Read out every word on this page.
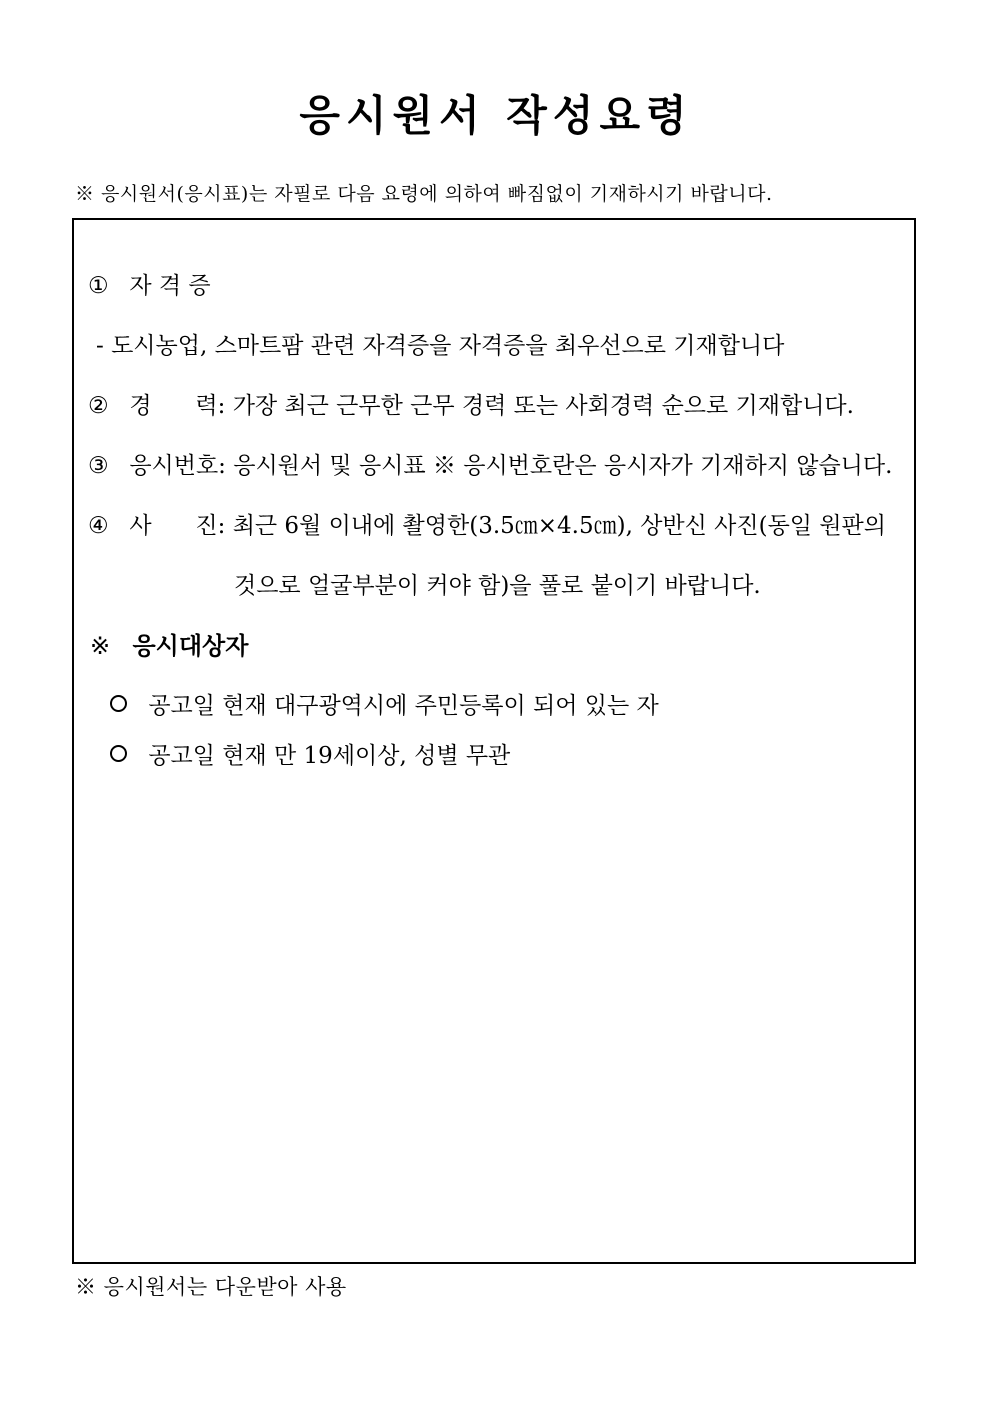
응시원서 작성요령
※ 응시원서(응시표)는 자필로 다음 요령에 의하여 빠짐없이 기재하시기 바랍니다.
① 자 격 증
- 도시농업, 스마트팜 관련 자격증을 자격증을 최우선으로 기재합니다
② 경      력: 가장 최근 근무한 근무 경력 또는 사회경력 순으로 기재합니다.
③ 응시번호: 응시원서 및 응시표 ※ 응시번호란은 응시자가 기재하지 않습니다.
④ 사      진: 최근 6월 이내에 촬영한(3.5㎝×4.5㎝), 상반신 사진(동일 원판의
것으로 얼굴부분이 커야 함)을 풀로 붙이기 바랍니다.
※ 응시대상자
공고일 현재 대구광역시에 주민등록이 되어 있는 자
공고일 현재 만 19세이상, 성별 무관
※ 응시원서는 다운받아 사용
